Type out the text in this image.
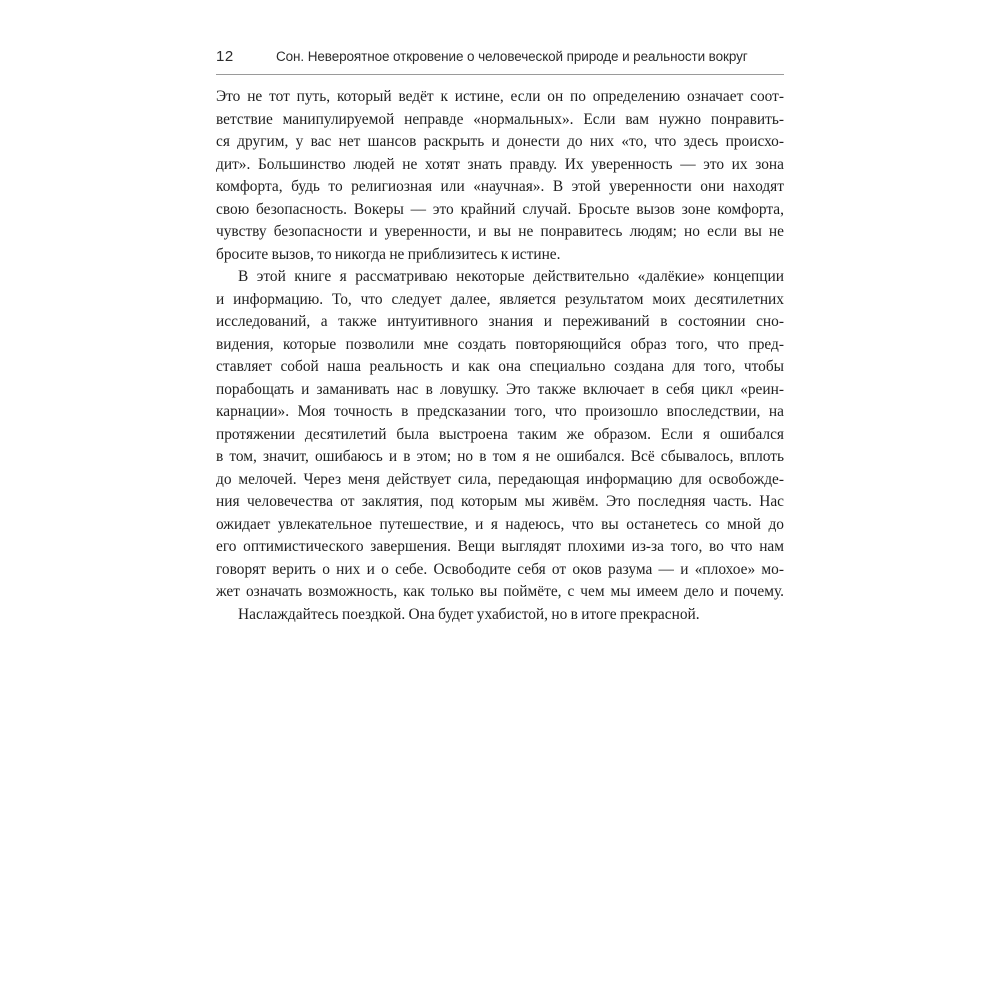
12	Сон. Невероятное откровение о человеческой природе и реальности вокруг
Это не тот путь, который ведёт к истине, если он по определению означает соот-
ветствие манипулируемой неправде «нормальных». Если вам нужно понравить-
ся другим, у вас нет шансов раскрыть и донести до них «то, что здесь происхо-
дит». Большинство людей не хотят знать правду. Их уверенность — это их зона
комфорта, будь то религиозная или «научная». В этой уверенности они находят
свою безопасность. Вокеры — это крайний случай. Бросьте вызов зоне комфорта,
чувству безопасности и уверенности, и вы не понравитесь людям; но если вы не
бросите вызов, то никогда не приблизитесь к истине.
В этой книге я рассматриваю некоторые действительно «далёкие» концепции
и информацию. То, что следует далее, является результатом моих десятилетних
исследований, а также интуитивного знания и переживаний в состоянии сно-
видения, которые позволили мне создать повторяющийся образ того, что пред-
ставляет собой наша реальность и как она специально создана для того, чтобы
порабощать и заманивать нас в ловушку. Это также включает в себя цикл «реин-
карнации». Моя точность в предсказании того, что произошло впоследствии, на
протяжении десятилетий была выстроена таким же образом. Если я ошибался
в том, значит, ошибаюсь и в этом; но в том я не ошибался. Всё сбывалось, вплоть
до мелочей. Через меня действует сила, передающая информацию для освобожде-
ния человечества от заклятия, под которым мы живём. Это последняя часть. Нас
ожидает увлекательное путешествие, и я надеюсь, что вы останетесь со мной до
его оптимистического завершения. Вещи выглядят плохими из-за того, во что нам
говорят верить о них и о себе. Освободите себя от оков разума — и «плохое» мо-
жет означать возможность, как только вы поймёте, с чем мы имеем дело и почему.
Наслаждайтесь поездкой. Она будет ухабистой, но в итоге прекрасной.
